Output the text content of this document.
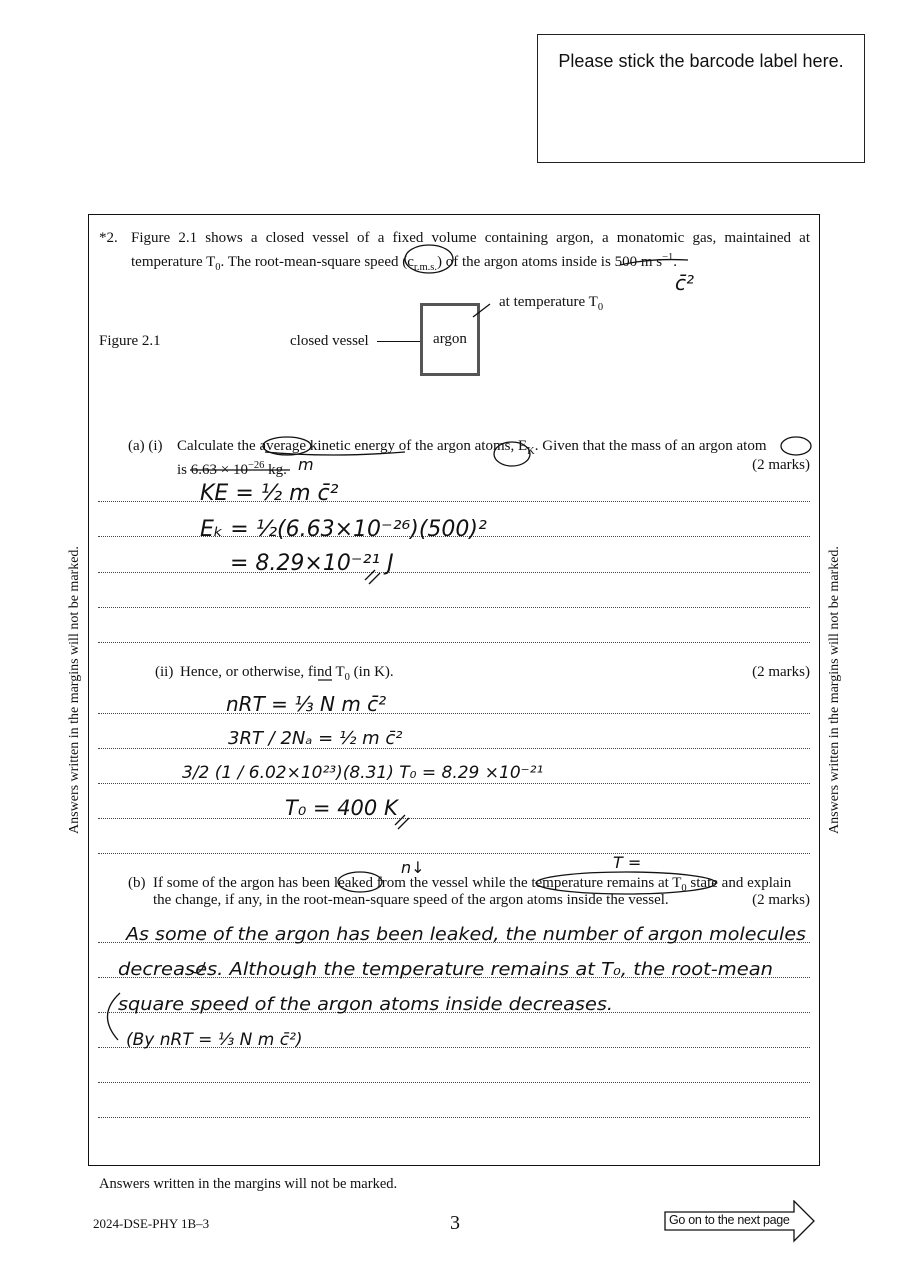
Please stick the barcode label here.
Answers written in the margins will not be marked.	Answers written in the margins will not be marked.
*2. Figure 2.1 shows a closed vessel of a fixed volume containing argon, a monatomic gas, maintained at
temperature $T_0$. The root-mean-square speed $(c_{r.m.s.})$ of the argon atoms inside is 500 m $s^{-1}$.
Figure 2.1	closed vessel	argon
at temperature $T_0$
(a) (i) Calculate the average kinetic energy of the argon atoms, $E_K$. Given that the mass of an argon atom
is $6.63 \times 10^{-26}$ kg.	(2 marks)
(ii) Hence, or otherwise, find $T_0$ (in K).	(2 marks)
(b) If some of the argon has been leaked from the vessel while the temperature remains at $T_0$ state and explain
the change, if any, in the root-mean-square speed of the argon atoms inside the vessel.	(2 marks)
c̄²
m
KE = ½ m c̄²
Eₖ = ½(6.63×10⁻²⁶)(500)²
= 8.29×10⁻²¹ J
nRT = ⅓ N m c̄²
3RT / 2Nₐ = ½ m c̄²
3/2 (1 / 6.02×10²³)(8.31) T₀ = 8.29 ×10⁻²¹
T₀ = 400 K
n↓	T =
As some of the argon has been leaked, the number of argon molecules
decreases. Although the temperature remains at T₀, the root-mean
square speed of the argon atoms inside decreases.
(By nRT = ⅓ N m c̄²)
Answers written in the margins will not be marked.
2024-DSE-PHY 1B–3	3	Go on to the next page
